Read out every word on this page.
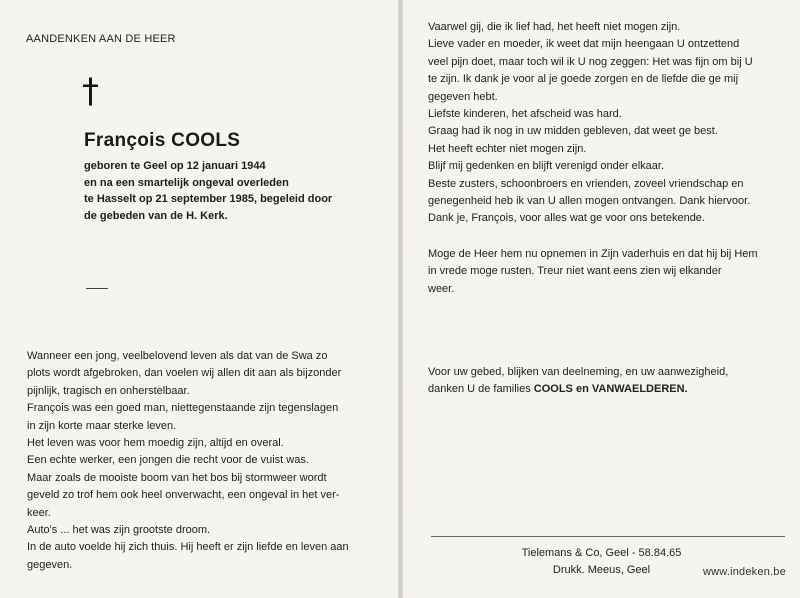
AANDENKEN AAN DE HEER
†
François COOLS
geboren te Geel op 12 januari 1944
en na een smartelijk ongeval overleden
te Hasselt op 21 september 1985, begeleid door
de gebeden van de H. Kerk.
Wanneer een jong, veelbelovend leven als dat van de Swa zo
plots wordt afgebroken, dan voelen wij allen dit aan als bijzonder
pijnlijk, tragisch en onherstelbaar.
François was een goed man, niettegenstaande zijn tegenslagen
in zijn korte maar sterke leven.
Het leven was voor hem moedig zijn, altijd en overal.
Een echte werker, een jongen die recht voor de vuist was.
Maar zoals de mooiste boom van het bos bij stormweer wordt
geveld zo trof hem ook heel onverwacht, een ongeval in het ver-
keer.
Auto's ... het was zijn grootste droom.
In de auto voelde hij zich thuis. Hij heeft er zijn liefde en leven aan
gegeven.
Vaarwel gij, die ik lief had, het heeft niet mogen zijn.
Lieve vader en moeder, ik weet dat mijn heengaan U ontzettend
veel pijn doet, maar toch wil ik U nog zeggen: Het was fijn om bij U
te zijn. Ik dank je voor al je goede zorgen en de liefde die ge mij
gegeven hebt.
Liefste kinderen, het afscheid was hard.
Graag had ik nog in uw midden gebleven, dat weet ge best.
Het heeft echter niet mogen zijn.
Blijf mij gedenken en blijft verenigd onder elkaar.
Beste zusters, schoonbroers en vrienden, zoveel vriendschap en
genegenheid heb ik van U allen mogen ontvangen. Dank hiervoor.
Dank je, François, voor alles wat ge voor ons betekende.
Moge de Heer hem nu opnemen in Zijn vaderhuis en dat hij bij Hem
in vrede moge rusten. Treur niet want eens zien wij elkander
weer.
Voor uw gebed, blijken van deelneming, en uw aanwezigheid,
danken U de families COOLS en VANWAELDEREN.
Tielemans & Co, Geel - 58.84.65
Drukk. Meeus, Geel	www.indeken.be
